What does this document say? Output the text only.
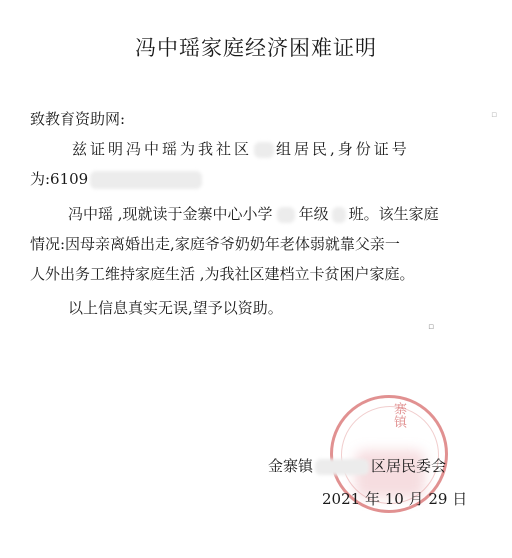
冯中瑶家庭经济困难证明
致教育资助网:
兹证明冯中瑶为我社区 组居民,身份证号
为:6109
冯中瑶 ,现就读于金寨中心小学 年级 班。该生家庭
情况:因母亲离婚出走,家庭爷爷奶奶年老体弱就靠父亲一
人外出务工维持家庭生活 ,为我社区建档立卡贫困户家庭。
以上信息真实无误,望予以资助。
▫
▫
寨镇
金寨镇	区居民委会
2021 年 10 月 29 日
